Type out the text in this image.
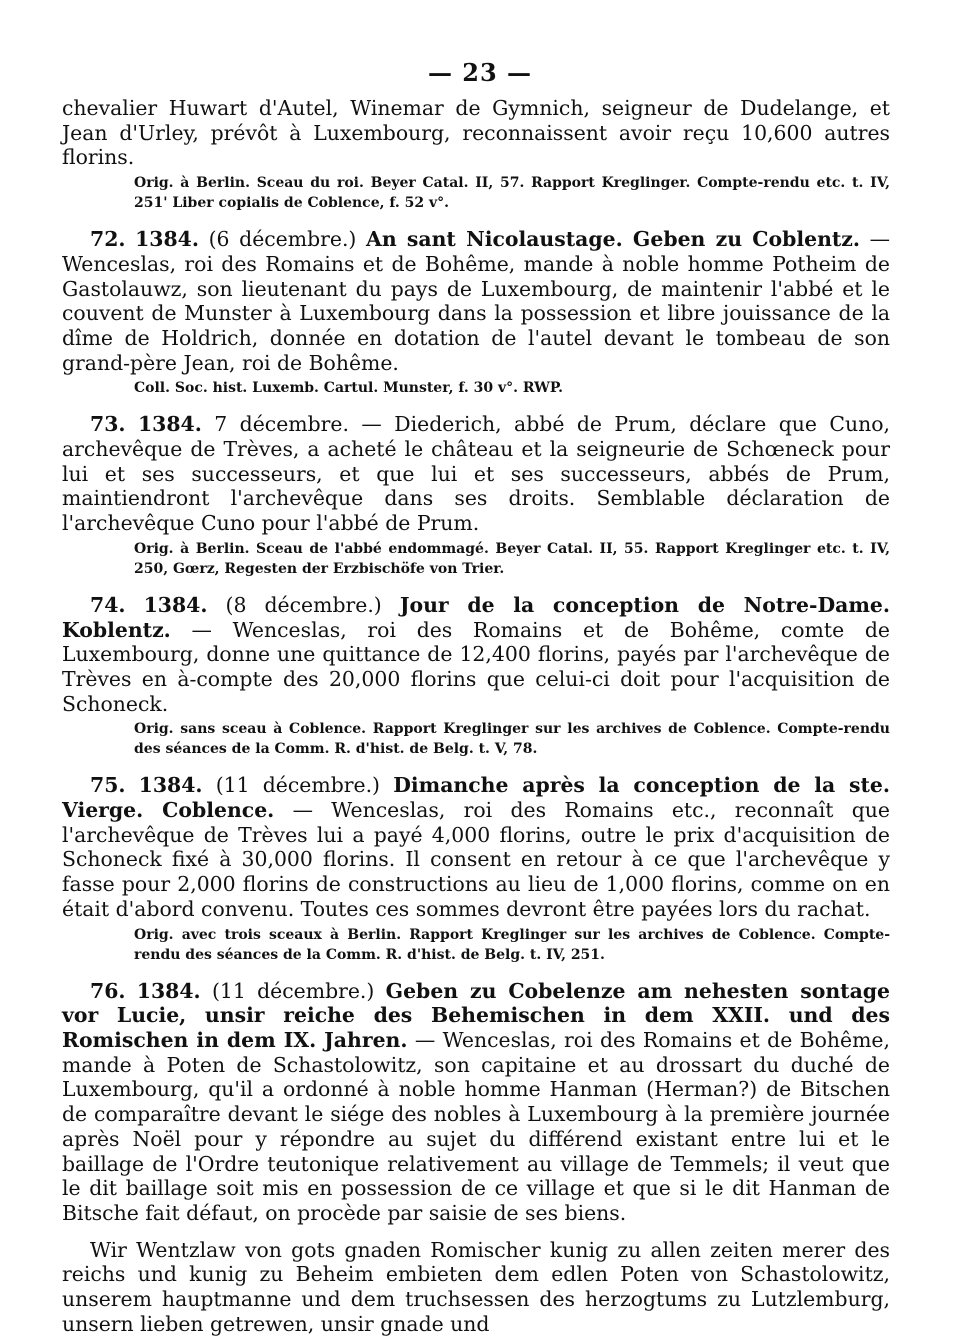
— 23 —

chevalier Huwart d'Autel, Winemar de Gymnich, seigneur de Dudelange, et Jean d'Urley, prévôt à Luxembourg, reconnaissent avoir reçu 10,600 autres florins.

Orig. à Berlin. Sceau du roi. Beyer Catal. II, 57. Rapport Kreglinger. Compte-rendu etc. t. IV, 251' Liber copialis de Coblence, f. 52 v°.

72. 1384. (6 décembre.) An sant Nicolaustage. Geben zu Coblentz. — Wenceslas, roi des Romains et de Bohême, mande à noble homme Potheim de Gastolauwz, son lieutenant du pays de Luxembourg, de maintenir l'abbé et le couvent de Munster à Luxembourg dans la possession et libre jouissance de la dîme de Holdrich, donnée en dotation de l'autel devant le tombeau de son grand-père Jean, roi de Bohême.

Coll. Soc. hist. Luxemb. Cartul. Munster, f. 30 v°. RWP.

73. 1384. 7 décembre. — Diederich, abbé de Prum, déclare que Cuno, archevêque de Trèves, a acheté le château et la seigneurie de Schœneck pour lui et ses successeurs, et que lui et ses successeurs, abbés de Prum, maintiendront l'archevêque dans ses droits. Semblable déclaration de l'archevêque Cuno pour l'abbé de Prum.

Orig. à Berlin. Sceau de l'abbé endommagé. Beyer Catal. II, 55. Rapport Kreglinger etc. t. IV, 250, Gœrz, Regesten der Erzbischöfe von Trier.

74. 1384. (8 décembre.) Jour de la conception de Notre-Dame. Koblentz. — Wenceslas, roi des Romains et de Bohême, comte de Luxembourg, donne une quittance de 12,400 florins, payés par l'archevêque de Trèves en à-compte des 20,000 florins que celui-ci doit pour l'acquisition de Schoneck.

Orig. sans sceau à Coblence. Rapport Kreglinger sur les archives de Coblence. Compte-rendu des séances de la Comm. R. d'hist. de Belg. t. V, 78.

75. 1384. (11 décembre.) Dimanche après la conception de la ste. Vierge. Coblence. — Wenceslas, roi des Romains etc., reconnaît que l'archevêque de Trèves lui a payé 4,000 florins, outre le prix d'acquisition de Schoneck fixé à 30,000 florins. Il consent en retour à ce que l'archevêque y fasse pour 2,000 florins de constructions au lieu de 1,000 florins, comme on en était d'abord convenu. Toutes ces sommes devront être payées lors du rachat.

Orig. avec trois sceaux à Berlin. Rapport Kreglinger sur les archives de Coblence. Compte-rendu des séances de la Comm. R. d'hist. de Belg. t. IV, 251.

76. 1384. (11 décembre.) Geben zu Cobelenze am nehesten sontage vor Lucie, unsir reiche des Behemischen in dem XXII. und des Romischen in dem IX. Jahren. — Wenceslas, roi des Romains et de Bohême, mande à Poten de Schastolowitz, son capitaine et au drossart du duché de Luxembourg, qu'il a ordonné à noble homme Hanman (Herman?) de Bitschen de comparaître devant le siége des nobles à Luxembourg à la première journée après Noël pour y répondre au sujet du différend existant entre lui et le baillage de l'Ordre teutonique relativement au village de Temmels; il veut que le dit baillage soit mis en possession de ce village et que si le dit Hanman de Bitsche fait défaut, on procède par saisie de ses biens.

Wir Wentzlaw von gots gnaden Romischer kunig zu allen zeiten merer des reichs und kunig zu Beheim embieten dem edlen Poten von Schastolowitz, unserem hauptmanne und dem truchsessen des herzogtums zu Lutzlemburg, unsern lieben getrewen, unsir gnade und
